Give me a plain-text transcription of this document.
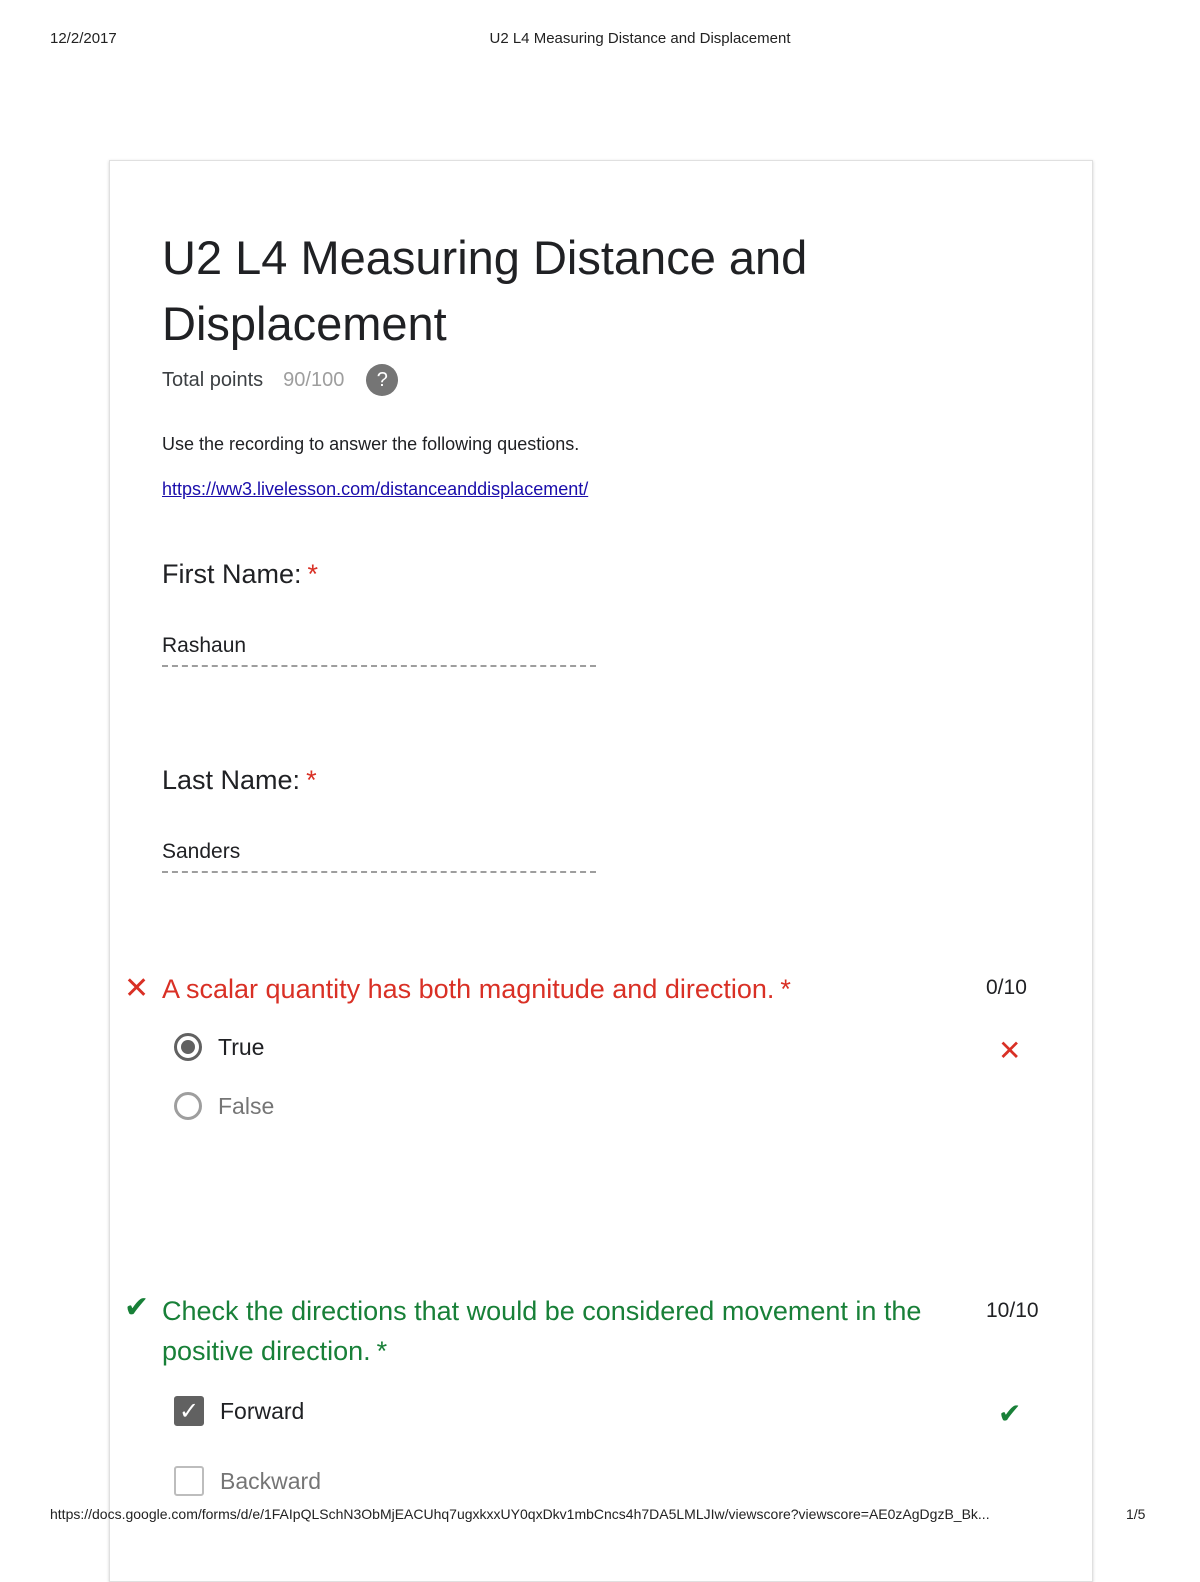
12/2/2017	U2 L4 Measuring Distance and Displacement
U2 L4 Measuring Distance and Displacement
Total points 90/100	?
Use the recording to answer the following questions.
https://ww3.livelesson.com/distanceanddisplacement/
First Name: *
Rashaun
Last Name: *
Sanders
✕ A scalar quantity has both magnitude and direction. *	0/10
True	✕
False
✔ Check the directions that would be considered movement in the positive direction. *
10/10
✓ Forward	✔
Backward
https://docs.google.com/forms/d/e/1FAIpQLSchN3ObMjEACUhq7ugxkxxUY0qxDkv1mbCncs4h7DA5LMLJIw/viewscore?viewscore=AE0zAgDgzB_Bk...	1/5
